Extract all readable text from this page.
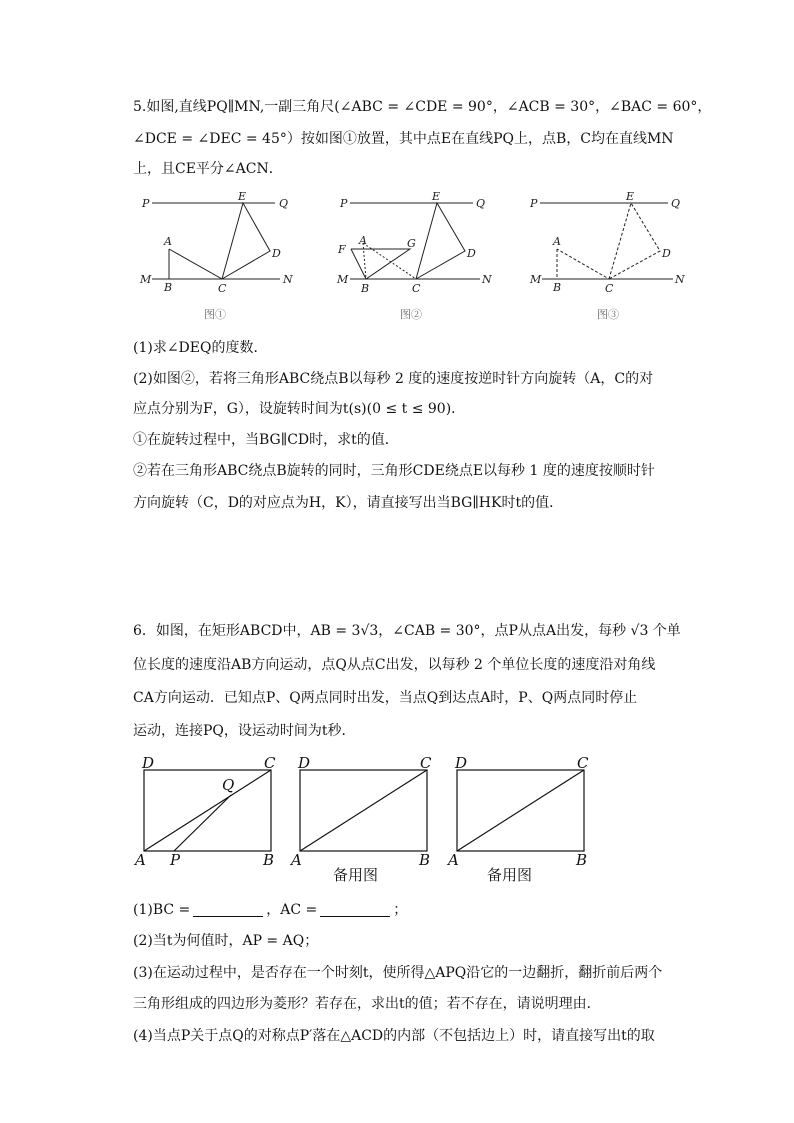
5.如图,直线PQ∥MN,一副三角尺(∠ABC = ∠CDE = 90°，∠ACB = 30°，∠BAC = 60°，
∠DCE = ∠DEC = 45°）按如图①放置，其中点E在直线PQ上，点B，C均在直线MN
上，且CE平分∠ACN．
P	Q
E
A
D
M	N
B	C
图①
P	Q
E
F
A	G
D
M	N
B	C
图②
P	Q
E
A
D
M	N
B	C
图③
(1)求∠DEQ的度数．
(2)如图②，若将三角形ABC绕点B以每秒 2 度的速度按逆时针方向旋转（A，C的对
应点分别为F，G），设旋转时间为t(s)(0 ≤ t ≤ 90)．
①在旋转过程中，当BG∥CD时，求t的值．
②若在三角形ABC绕点B旋转的同时，三角形CDE绕点E以每秒 1 度的速度按顺时针
方向旋转（C，D的对应点为H，K），请直接写出当BG∥HK时t的值．
6．如图，在矩形ABCD中，AB = 3√3，∠CAB = 30°，点P从点A出发，每秒 √3 个单
位长度的速度沿AB方向运动，点Q从点C出发，以每秒 2 个单位长度的速度沿对角线
CA方向运动．已知点P、Q两点同时出发，当点Q到达点A时，P、Q两点同时停止
运动，连接PQ，设运动时间为t秒．
D	C
Q
A P	B
D	C
A	B
备用图
D	C
A	B
备用图
(1)BC =	，AC =	；
(2)当t为何值时，AP = AQ；
(3)在运动过程中，是否存在一个时刻t，使所得△APQ沿它的一边翻折，翻折前后两个
三角形组成的四边形为菱形？若存在，求出t的值；若不存在，请说明理由．
(4)当点P关于点Q的对称点P′落在△ACD的内部（不包括边上）时，请直接写出t的取
